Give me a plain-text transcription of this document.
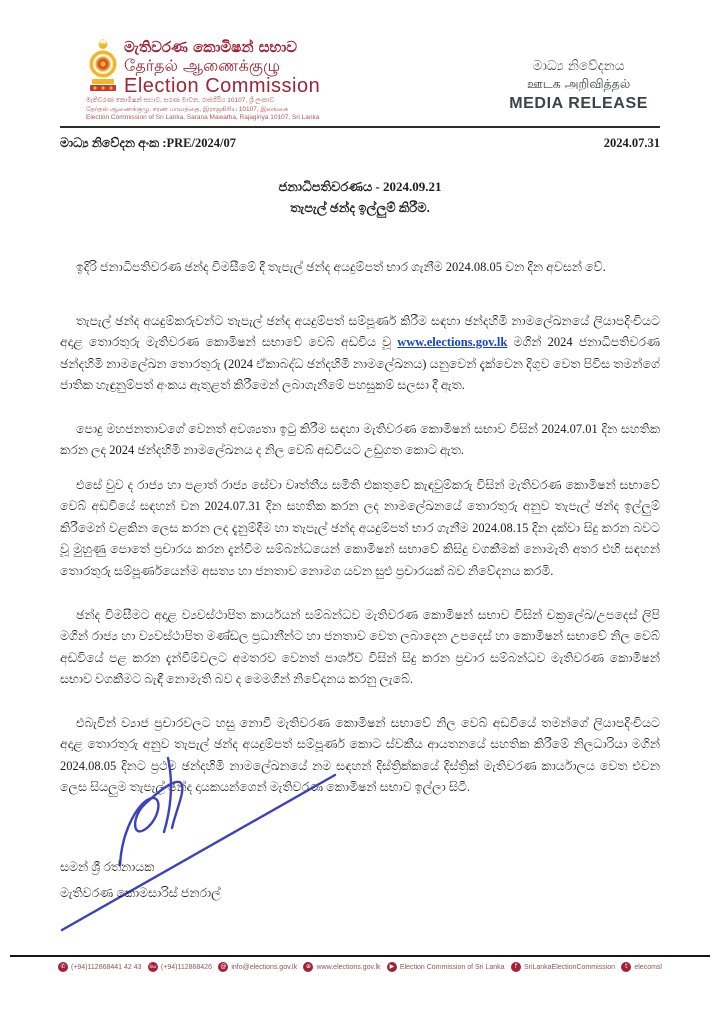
මැතිවරණ කොමිෂන් සභාව
தேர்தல் ஆணைக்குழு
Election Commission
මැතිවරණ කොමිෂන් සභාව, සරණ මාවත, රාජගිරිය 10107, ශ්‍රී ලංකාව
தேர்தல் ஆணைக்குழு, சரண மாவத்தை, இராஜகிரிய 10107, இலங்கை
Election Commission of Sri Lanka, Sarana Mawatha, Rajagiriya 10107, Sri Lanka
මාධ්‍ය නිවේදනය
ஊடக அறிவித்தல்
MEDIA RELEASE
මාධ්‍ය නිවේදන අංක :PRE/2024/07	2024.07.31
ජනාධිපතිවරණය - 2024.09.21
තැපැල් ඡන්ද ඉල්ලුම් කිරීම.

ඉදිරි ජනාධිපතිවරණ ඡන්ද විමසීමේ දී තැපැල් ඡන්ද අයදුම්පත් භාර ගැනීම 2024.08.05 වන දින අවසන් වේ.

තැපැල් ඡන්ද අයදුම්කරුවන්ට තැපැල් ඡන්ද අයදුම්පත් සම්පූර්ණ කිරීම සඳහා ඡන්දහිමි නාමලේඛනයේ ලියාපදිංචියට අදාළ තොරතුරු මැතිවරණ කොමිෂන් සභාවේ වෙබ් අඩවිය වූ www.elections.gov.lk මගින් 2024 ජනාධිපතිවරණ ඡන්දහිමි නාමලේඛන තොරතුරු (2024 ඒකාබද්ධ ඡන්දහිමි නාමලේඛනය) යනුවෙන් දැක්වෙන දිගුව වෙත පිවිස තමන්ගේ ජාතික හැඳුනුම්පත් අංකය ඇතුළත් කිරීමෙන් ලබාගැනීමේ පහසුකම් සලසා දී ඇත.

පොදු මහජනතාවගේ වෙනත් අවශ්‍යතා ඉටු කිරීම සඳහා මැතිවරණ කොමිෂන් සභාව විසින් 2024.07.01 දින සහතික කරන ලද 2024 ඡන්දහිමි නාමලේඛනය ද නිල වෙබ් අඩවියට උඩුගත කොට ඇත.

එසේ වුව ද රාජ්‍ය හා පළාත් රාජ්‍ය සේවා වෘත්තීය සමිති එකතුවේ කැඳවුම්කරු විසින් මැතිවරණ කොමිෂන් සභාවේ වෙබ් අඩවියේ සඳහන් වන 2024.07.31 දින සහතික කරන ලද නාමලේඛනයේ තොරතුරු අනුව තැපැල් ඡන්ද ඉල්ලුම් කිරීමෙන් වළකින ලෙස කරන ලද දැනුම්දීම හා තැපැල් ඡන්ද අයදුම්පත් භාර ගැනීම 2024.08.15 දින දක්වා සිදු කරන බවට වූ මුහුණු පොතේ ප්‍රචාරය කරන දැන්වීම සම්බන්ධයෙන් කොමිෂන් සභාවේ කිසිදු වගකීමක් නොමැති අතර එහි සඳහන් තොරතුරු සම්පූර්ණයෙන්ම අසත්‍ය හා ජනතාව නොමග යවන සුළු ප්‍රචාරයක් බව නිවේදනය කරමි.

ඡන්ද විමසීමට අදාළ ව්‍යවස්ථාපිත කාර්යයන් සම්බන්ධව මැතිවරණ කොමිෂන් සභාව විසින් චක්‍රලේඛ/උපදෙස් ලිපි මගින් රාජ්‍ය හා ව්‍යවස්ථාපිත මණ්ඩල ප්‍රධානීන්ට හා ජනතාව වෙත ලබාදෙන උපදෙස් හා කොමිෂන් සභාවේ නිල වෙබ් අඩවියේ පළ කරන දැන්වීම්වලට අමතරව වෙනත් පාර්ශ්ව විසින් සිදු කරන ප්‍රචාර සම්බන්ධව මැතිවරණ කොමිෂන් සභාව වගකීමට බැඳී නොමැති බව ද මෙමගින් නිවේදනය කරනු ලැබේ.

එබැවින් ව්‍යාජ ප්‍රචාරවලට හසු නොවී මැතිවරණ කොමිෂන් සභාවේ නිල වෙබ් අඩවියේ තමන්ගේ ලියාපදිංචියට අදාළ තොරතුරු අනුව තැපැල් ඡන්ද අයදුම්පත් සම්පූර්ණ කොට ස්වකීය ආයතනයේ සහතික කිරීමේ නිලධාරියා මගින් 2024.08.05 දිනට ප්‍රථම ඡන්දහිමි නාමලේඛනයේ නම සඳහන් දිස්ත්‍රික්කයේ දිස්ත්‍රික් මැතිවරණ කාර්යාලය වෙත එවන ලෙස සියලුම තැපැල් ඡන්ද දායකයන්ගෙන් මැතිවරණ කොමිෂන් සභාව ඉල්ලා සිටී.

සමන් ශ්‍රී රත්නායක
මැතිවරණ කොමසාරිස් ජනරාල්
✆ (+94)112868441 42 43 ℻ (+94)112868426	@ info@elections.gov.lk	⊕ www.elections.gov.lk	▶ Election Commission of Sri Lanka	f SriLankaElectionCommission	t elecomsl
